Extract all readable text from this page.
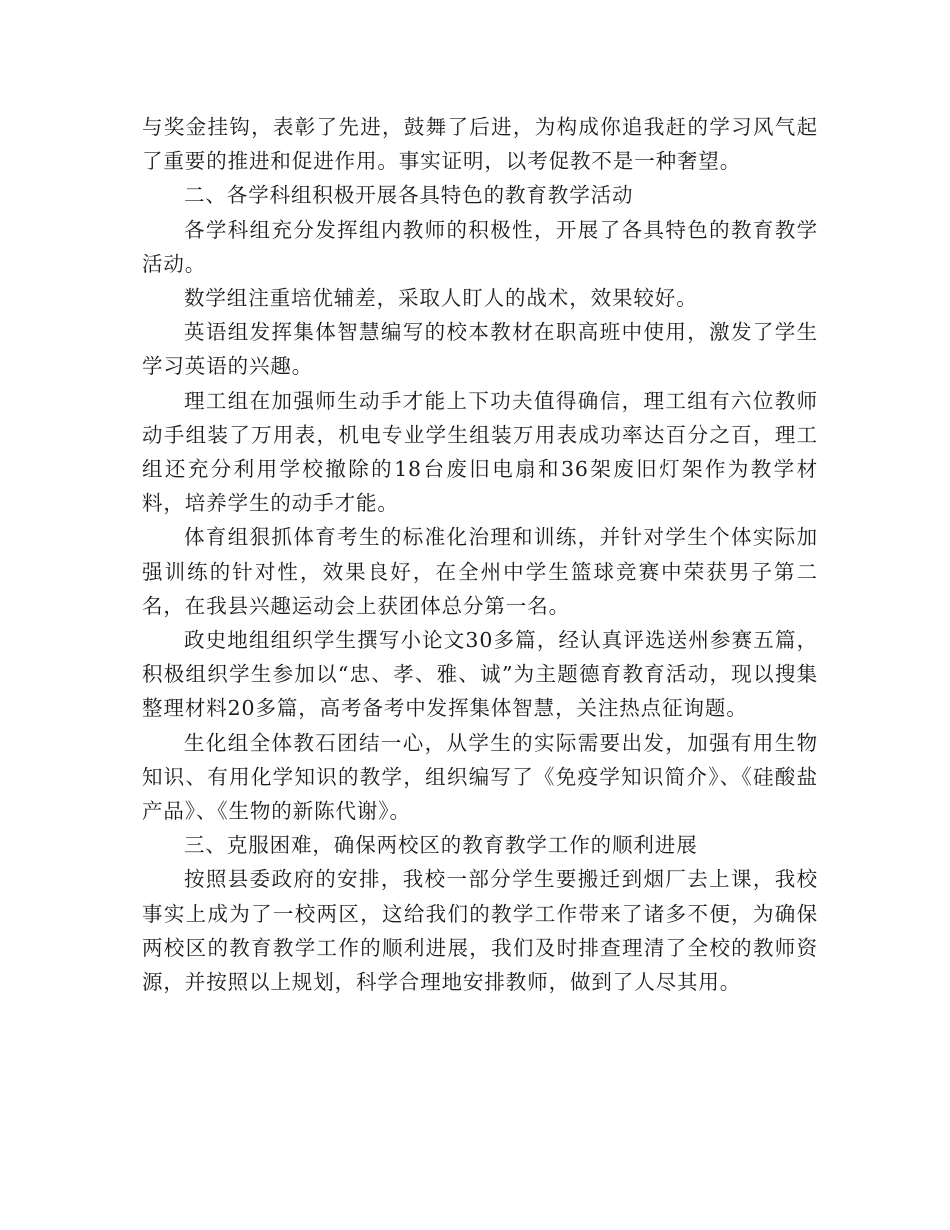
与奖金挂钩，表彰了先进，鼓舞了后进，为构成你追我赶的学习风气起了重要的推进和促进作用。事实证明，以考促教不是一种奢望。

二、各学科组积极开展各具特色的教育教学活动

各学科组充分发挥组内教师的积极性，开展了各具特色的教育教学活动。

数学组注重培优辅差，采取人盯人的战术，效果较好。

英语组发挥集体智慧编写的校本教材在职高班中使用，激发了学生学习英语的兴趣。

理工组在加强师生动手才能上下功夫值得确信，理工组有六位教师动手组装了万用表，机电专业学生组装万用表成功率达百分之百，理工组还充分利用学校撤除的18台废旧电扇和36架废旧灯架作为教学材料，培养学生的动手才能。

体育组狠抓体育考生的标准化治理和训练，并针对学生个体实际加强训练的针对性，效果良好，在全州中学生篮球竞赛中荣获男子第二名，在我县兴趣运动会上获团体总分第一名。

政史地组组织学生撰写小论文30多篇，经认真评选送州参赛五篇，积极组织学生参加以“忠、孝、雅、诚”为主题德育教育活动，现以搜集整理材料20多篇，高考备考中发挥集体智慧，关注热点征询题。

生化组全体教石团结一心，从学生的实际需要出发，加强有用生物知识、有用化学知识的教学，组织编写了《免疫学知识简介》、《硅酸盐产品》、《生物的新陈代谢》。

三、克服困难，确保两校区的教育教学工作的顺利进展

按照县委政府的安排，我校一部分学生要搬迁到烟厂去上课，我校事实上成为了一校两区，这给我们的教学工作带来了诸多不便，为确保两校区的教育教学工作的顺利进展，我们及时排查理清了全校的教师资源，并按照以上规划，科学合理地安排教师，做到了人尽其用。
